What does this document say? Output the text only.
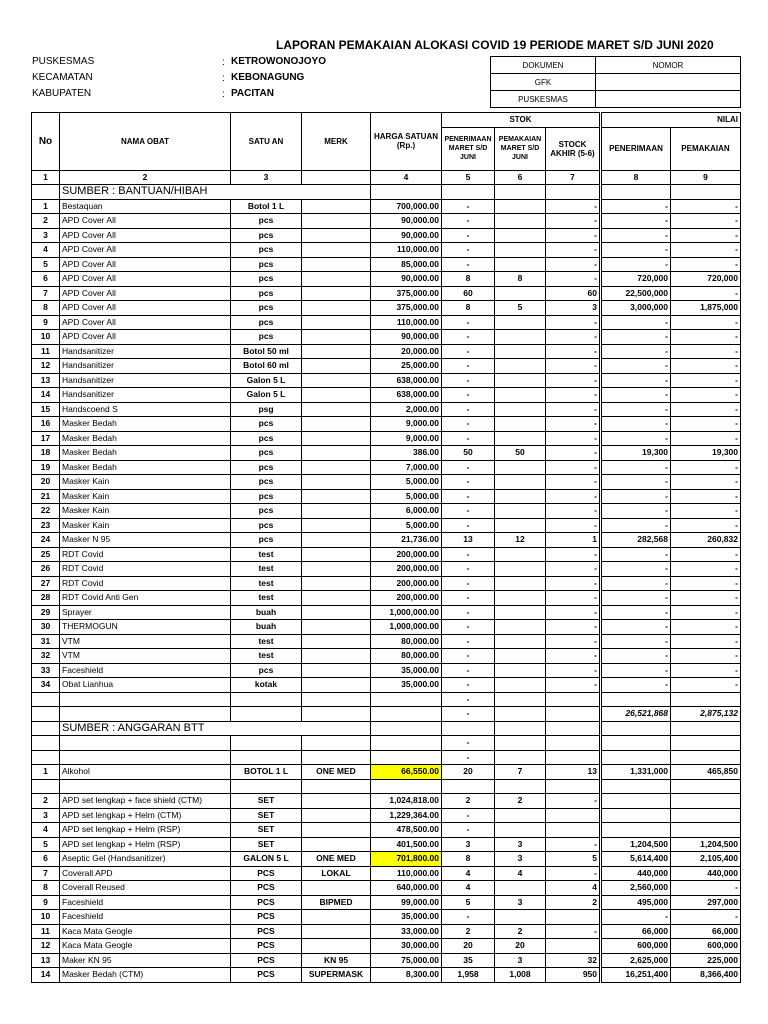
LAPORAN PEMAKAIAN ALOKASI COVID 19 PERIODE MARET S/D JUNI 2020
PUSKESMAS	: KETROWONOJOYO
KECAMATAN	: KEBONAGUNG
KABUPATEN	: PACITAN
DOKUMEN	NOMOR
GFK	
PUSKESMAS	
No	NAMA OBAT	SATU AN	MERK	HARGA SATUAN (Rp.)	STOK			NILAI	
					PENERIMAAN MARET S/D JUNI	PEMAKAIAN MARET S/D JUNI	STOCK AKHIR (5-6)	PENERIMAAN	PEMAKAIAN
1	2	3		4	5	6	7	8	9
	SUMBER : BANTUAN/HIBAH								
1	Bestaquan	Botol 1 L		700,000.00	-		-	-	-
2	APD Cover All	pcs		90,000.00	-		-	-	-
3	APD Cover All	pcs		90,000.00	-		-	-	-
4	APD Cover All	pcs		110,000.00	-		-	-	-
5	APD Cover All	pcs		85,000.00	-		-	-	-
6	APD Cover All	pcs		90,000.00	8	8	-	720,000	720,000
7	APD Cover All	pcs		375,000.00	60		60	22,500,000	-
8	APD Cover All	pcs		375,000.00	8	5	3	3,000,000	1,875,000
9	APD Cover All	pcs		110,000.00	-		-	-	-
10	APD Cover All	pcs		90,000.00	-		-	-	-
11	Handsanitizer	Botol 50 ml		20,000.00	-		-	-	-
12	Handsanitizer	Botol 60 ml		25,000.00	-		-	-	-
13	Handsanitizer	Galon 5 L		638,000.00	-		-	-	-
14	Handsanitizer	Galon 5 L		638,000.00	-		-	-	-
15	Handscoend S	psg		2,000.00	-		-	-	-
16	Masker Bedah	pcs		9,000.00	-		-	-	-
17	Masker Bedah	pcs		9,000.00	-		-	-	-
18	Masker Bedah	pcs		386.00	50	50	-	19,300	19,300
19	Masker Bedah	pcs		7,000.00	-		-	-	-
20	Masker Kain	pcs		5,000.00	-		-	-	-
21	Masker Kain	pcs		5,000.00	-		-	-	-
22	Masker Kain	pcs		6,000.00	-		-	-	-
23	Masker Kain	pcs		5,000.00	-		-	-	-
24	Masker N 95	pcs		21,736.00	13	12	1	282,568	260,832
25	RDT Covid	test		200,000.00	-		-	-	-
26	RDT Covid	test		200,000.00	-		-	-	-
27	RDT Covid	test		200,000.00	-		-	-	-
28	RDT Covid Anti Gen	test		200,000.00	-		-	-	-
29	Sprayer	buah		1,000,000.00	-		-	-	-
30	THERMOGUN	buah		1,000,000.00	-		-	-	-
31	VTM	test		80,000.00	-		-	-	-
32	VTM	test		80,000.00	-		-	-	-
33	Faceshield	pcs		35,000.00	-		-	-	-
34	Obat Lianhua	kotak		35,000.00	-		-	-	-
					-				
					-			26,521,868	2,875,132
	SUMBER : ANGGARAN BTT								
					-				
					-				
1	Alkohol	BOTOL 1 L	ONE MED	66,550.00	20	7	13	1,331,000	465,850

2	APD set lengkap + face shield (CTM)	SET		1,024,818.00	2	2	-		
3	APD set lengkap + Helm (CTM)	SET		1,229,364.00	-				
4	APD set lengkap + Helm (RSP)	SET		478,500.00	-				
5	APD set lengkap + Helm (RSP)	SET		401,500.00	3	3	-	1,204,500	1,204,500
6	Aseptic Gel (Handsanitizer)	GALON 5 L	ONE MED	701,800.00	8	3	5	5,614,400	2,105,400
7	Coverall APD	PCS	LOKAL	110,000.00	4	4	-	440,000	440,000
8	Coverall Reused	PCS		640,000.00	4		4	2,560,000	-
9	Faceshield	PCS	BIPMED	99,000.00	5	3	2	495,000	297,000
10	Faceshield	PCS		35,000.00	-			-	-
11	Kaca Mata Geogle	PCS		33,000.00	2	2	-	66,000	66,000
12	Kaca Mata Geogle	PCS		30,000.00	20	20		600,000	600,000
13	Maker KN 95	PCS	KN 95	75,000.00	35	3	32	2,625,000	225,000
14	Masker Bedah (CTM)	PCS	SUPERMASK	8,300.00	1,958	1,008	950	16,251,400	8,366,400
